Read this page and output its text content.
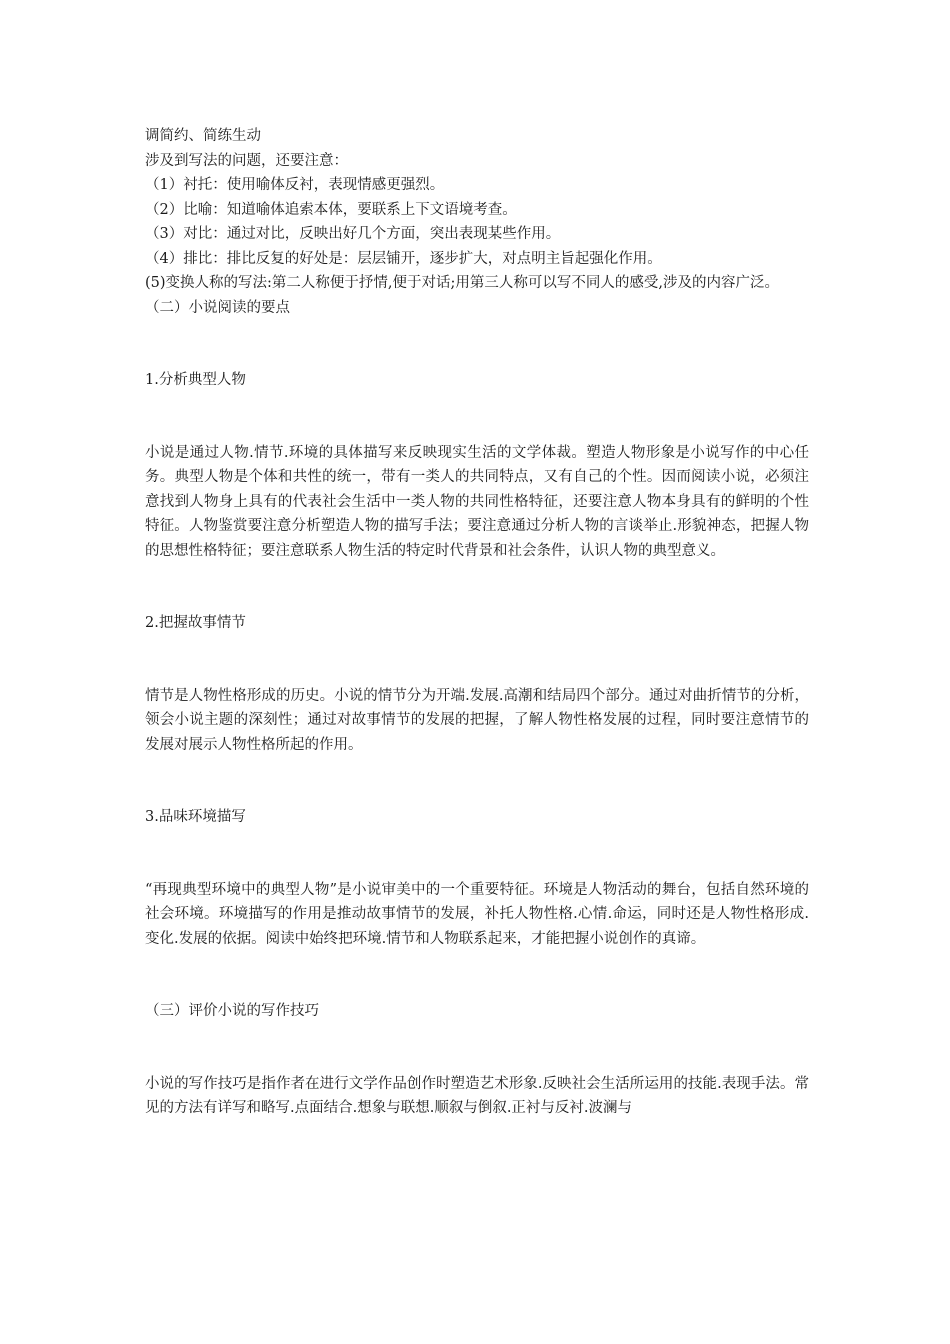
调简约、简练生动
涉及到写法的问题，还要注意：
（1）衬托：使用喻体反衬，表现情感更强烈。
（2）比喻：知道喻体追索本体，要联系上下文语境考查。
（3）对比：通过对比，反映出好几个方面，突出表现某些作用。
（4）排比：排比反复的好处是：层层铺开，逐步扩大，对点明主旨起强化作用。
(5)变换人称的写法:第二人称便于抒情,便于对话;用第三人称可以写不同人的感受,涉及的内容广泛。
（二）小说阅读的要点
1.分析典型人物
小说是通过人物.情节.环境的具体描写来反映现实生活的文学体裁。塑造人物形象是小说写作的中心任务。典型人物是个体和共性的统一，带有一类人的共同特点，又有自己的个性。因而阅读小说，必须注意找到人物身上具有的代表社会生活中一类人物的共同性格特征，还要注意人物本身具有的鲜明的个性特征。人物鉴赏要注意分析塑造人物的描写手法；要注意通过分析人物的言谈举止.形貌神态，把握人物的思想性格特征；要注意联系人物生活的特定时代背景和社会条件，认识人物的典型意义。
2.把握故事情节
情节是人物性格形成的历史。小说的情节分为开端.发展.高潮和结局四个部分。通过对曲折情节的分析，领会小说主题的深刻性；通过对故事情节的发展的把握，了解人物性格发展的过程，同时要注意情节的发展对展示人物性格所起的作用。
3.品味环境描写
“再现典型环境中的典型人物”是小说审美中的一个重要特征。环境是人物活动的舞台，包括自然环境的社会环境。环境描写的作用是推动故事情节的发展，补托人物性格.心情.命运，同时还是人物性格形成.变化.发展的依据。阅读中始终把环境.情节和人物联系起来，才能把握小说创作的真谛。
（三）评价小说的写作技巧
小说的写作技巧是指作者在进行文学作品创作时塑造艺术形象.反映社会生活所运用的技能.表现手法。常见的方法有详写和略写.点面结合.想象与联想.顺叙与倒叙.正衬与反衬.波澜与
